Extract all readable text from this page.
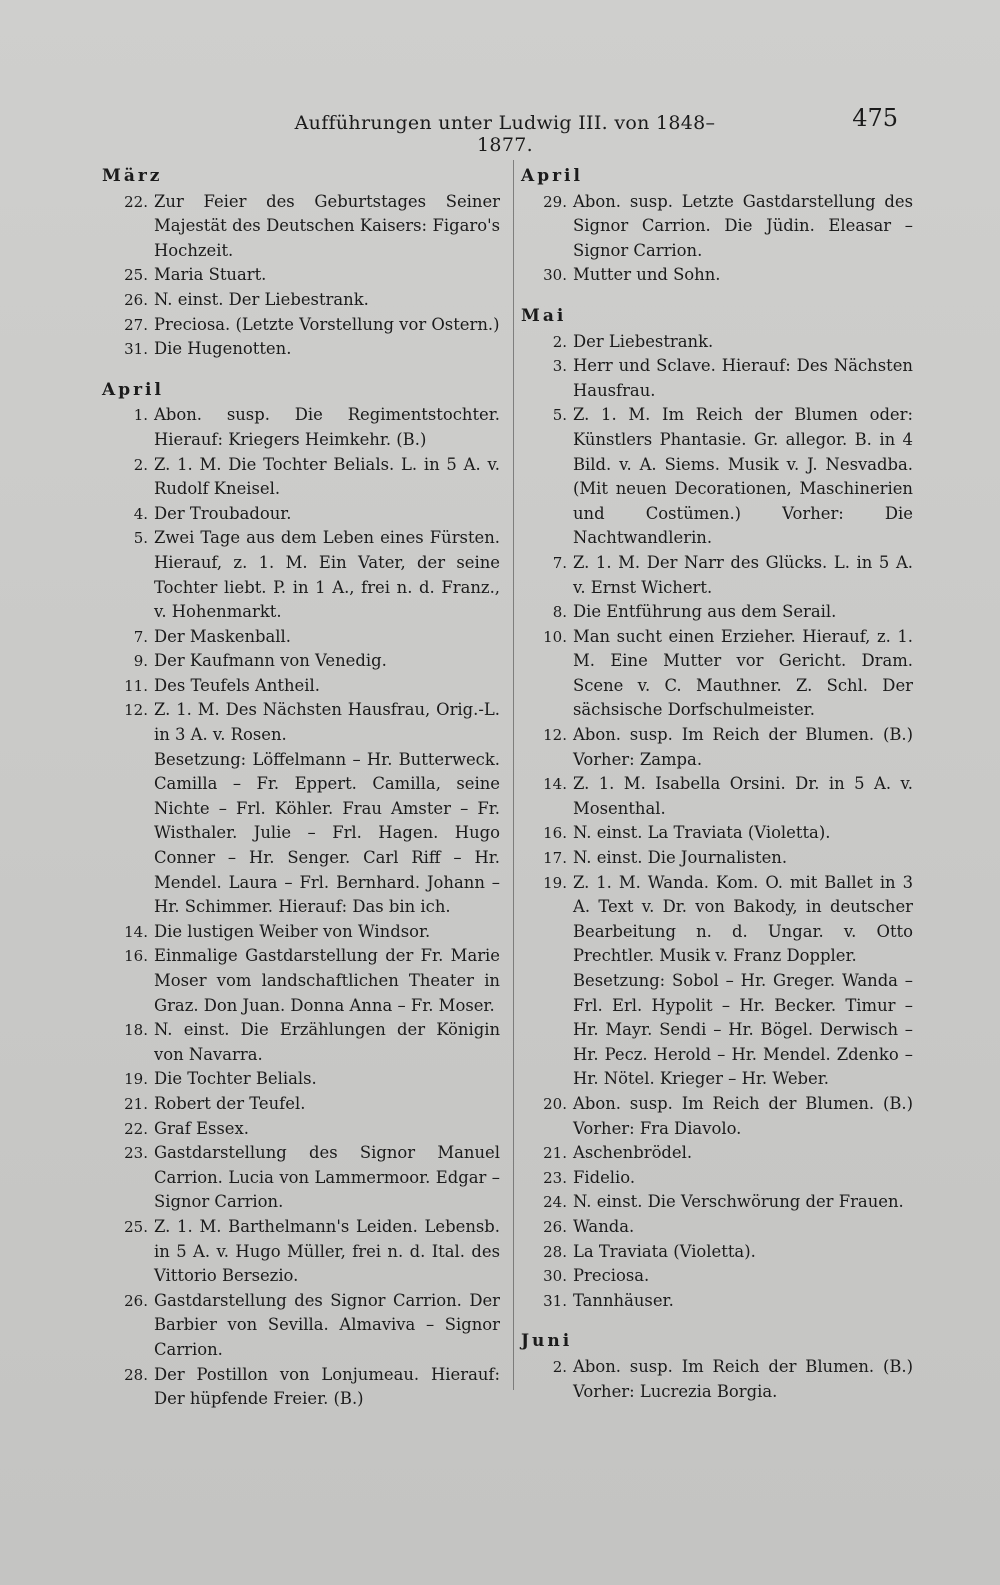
Aufführungen unter Ludwig III. von 1848–1877.
475
März
22. Zur Feier des Geburtstages Seiner Majestät des Deutschen Kaisers: Figaro's Hochzeit.
25. Maria Stuart.
26. N. einst. Der Liebestrank.
27. Preciosa. (Letzte Vorstellung vor Ostern.)
31. Die Hugenotten.
April
1. Abon. susp. Die Regimentstochter. Hierauf: Kriegers Heimkehr. (B.)
2. Z. 1. M. Die Tochter Belials. L. in 5 A. v. Rudolf Kneisel.
4. Der Troubadour.
5. Zwei Tage aus dem Leben eines Fürsten. Hierauf, z. 1. M. Ein Vater, der seine Tochter liebt. P. in 1 A., frei n. d. Franz., v. Hohenmarkt.
7. Der Maskenball.
9. Der Kaufmann von Venedig.
11. Des Teufels Antheil.
12. Z. 1. M. Des Nächsten Hausfrau, Orig.-L. in 3 A. v. Rosen.
Besetzung: Löffelmann – Hr. Butterweck. Camilla – Fr. Eppert. Camilla, seine Nichte – Frl. Köhler. Frau Amster – Fr. Wisthaler. Julie – Frl. Hagen. Hugo Conner – Hr. Senger. Carl Riff – Hr. Mendel. Laura – Frl. Bernhard. Johann – Hr. Schimmer. Hierauf: Das bin ich.
14. Die lustigen Weiber von Windsor.
16. Einmalige Gastdarstellung der Fr. Marie Moser vom landschaftlichen Theater in Graz. Don Juan. Donna Anna – Fr. Moser.
18. N. einst. Die Erzählungen der Königin von Navarra.
19. Die Tochter Belials.
21. Robert der Teufel.
22. Graf Essex.
23. Gastdarstellung des Signor Manuel Carrion. Lucia von Lammermoor. Edgar – Signor Carrion.
25. Z. 1. M. Barthelmann's Leiden. Lebensb. in 5 A. v. Hugo Müller, frei n. d. Ital. des Vittorio Bersezio.
26. Gastdarstellung des Signor Carrion. Der Barbier von Sevilla. Almaviva – Signor Carrion.
28. Der Postillon von Lonjumeau. Hierauf: Der hüpfende Freier. (B.)
April
29. Abon. susp. Letzte Gastdarstellung des Signor Carrion. Die Jüdin. Eleasar – Signor Carrion.
30. Mutter und Sohn.
Mai
2. Der Liebestrank.
3. Herr und Sclave. Hierauf: Des Nächsten Hausfrau.
5. Z. 1. M. Im Reich der Blumen oder: Künstlers Phantasie. Gr. allegor. B. in 4 Bild. v. A. Siems. Musik v. J. Nesvadba. (Mit neuen Decorationen, Maschinerien und Costümen.) Vorher: Die Nachtwandlerin.
7. Z. 1. M. Der Narr des Glücks. L. in 5 A. v. Ernst Wichert.
8. Die Entführung aus dem Serail.
10. Man sucht einen Erzieher. Hierauf, z. 1. M. Eine Mutter vor Gericht. Dram. Scene v. C. Mauthner. Z. Schl. Der sächsische Dorfschulmeister.
12. Abon. susp. Im Reich der Blumen. (B.) Vorher: Zampa.
14. Z. 1. M. Isabella Orsini. Dr. in 5 A. v. Mosenthal.
16. N. einst. La Traviata (Violetta).
17. N. einst. Die Journalisten.
19. Z. 1. M. Wanda. Kom. O. mit Ballet in 3 A. Text v. Dr. von Bakody, in deutscher Bearbeitung n. d. Ungar. v. Otto Prechtler. Musik v. Franz Doppler.
Besetzung: Sobol – Hr. Greger. Wanda – Frl. Erl. Hypolit – Hr. Becker. Timur – Hr. Mayr. Sendi – Hr. Bögel. Derwisch – Hr. Pecz. Herold – Hr. Mendel. Zdenko – Hr. Nötel. Krieger – Hr. Weber.
20. Abon. susp. Im Reich der Blumen. (B.) Vorher: Fra Diavolo.
21. Aschenbrödel.
23. Fidelio.
24. N. einst. Die Verschwörung der Frauen.
26. Wanda.
28. La Traviata (Violetta).
30. Preciosa.
31. Tannhäuser.
Juni
2. Abon. susp. Im Reich der Blumen. (B.) Vorher: Lucrezia Borgia.
